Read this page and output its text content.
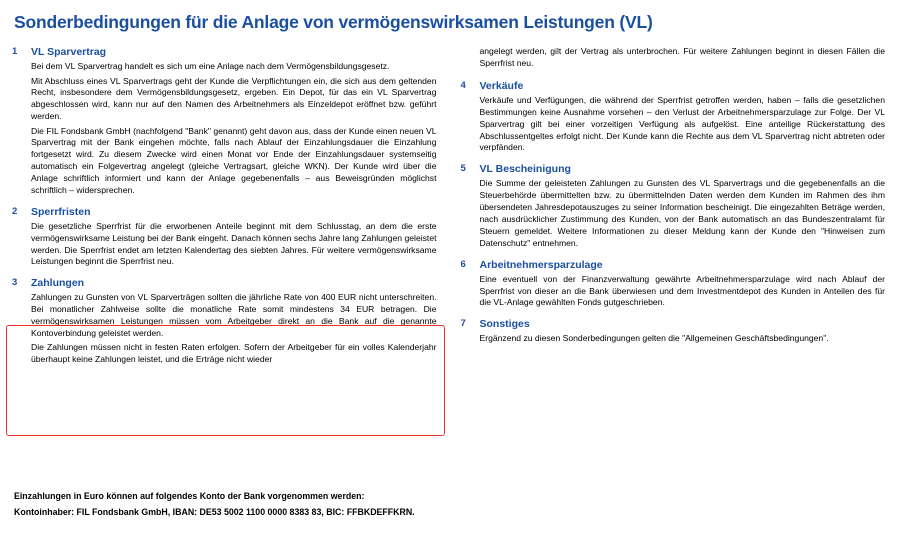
Sonderbedingungen für die Anlage von vermögenswirksamen Leistungen (VL)
1	VL Sparvertrag

Bei dem VL Sparvertrag handelt es sich um eine Anlage nach dem Vermögensbildungsgesetz.

Mit Abschluss eines VL Sparvertrags geht der Kunde die Verpflichtungen ein, die sich aus dem geltenden Recht, insbesondere dem Vermögensbildungsgesetz, ergeben. Ein Depot, für das ein VL Sparvertrag abgeschlossen wird, kann nur auf den Namen des Arbeitnehmers als Einzeldepot eröffnet bzw. geführt werden.

Die FIL Fondsbank GmbH (nachfolgend "Bank" genannt) geht davon aus, dass der Kunde einen neuen VL Sparvertrag mit der Bank eingehen möchte, falls nach Ablauf der Einzahlungsdauer die Einzahlung fortgesetzt wird. Zu diesem Zwecke wird einen Monat vor Ende der Einzahlungsdauer systemseitig automatisch ein Folgevertrag angelegt (gleiche Vertragsart, gleiche WKN). Der Kunde wird über die Anlage schriftlich informiert und kann der Anlage gegebenenfalls – aus Beweisgründen möglichst schriftlich – widersprechen.

2	Sperrfristen

Die gesetzliche Sperrfrist für die erworbenen Anteile beginnt mit dem Schlusstag, an dem die erste vermögenswirksame Leistung bei der Bank eingeht. Danach können sechs Jahre lang Zahlungen geleistet werden. Die Sperrfrist endet am letzten Kalendertag des siebten Jahres. Für weitere vermögenswirksame Leistungen beginnt die Sperrfrist neu.

3	Zahlungen

Zahlungen zu Gunsten von VL Sparverträgen sollten die jährliche Rate von 400 EUR nicht unterschreiten. Bei monatlicher Zahlweise sollte die monatliche Rate somit mindestens 34 EUR betragen. Die vermögenswirksamen Leistungen müssen vom Arbeitgeber direkt an die Bank auf die genannte Kontoverbindung geleistet werden.

Die Zahlungen müssen nicht in festen Raten erfolgen. Sofern der Arbeitgeber für ein volles Kalenderjahr überhaupt keine Zahlungen leistet, und die Erträge nicht wieder

angelegt werden, gilt der Vertrag als unterbrochen. Für weitere Zahlungen beginnt in diesen Fällen die Sperrfrist neu.

4	Verkäufe

Verkäufe und Verfügungen, die während der Sperrfrist getroffen werden, haben – falls die gesetzlichen Bestimmungen keine Ausnahme vorsehen – den Verlust der Arbeitnehmersparzulage zur Folge. Der VL Sparvertrag gilt bei einer vorzeitigen Verfügung als aufgelöst. Eine anteilige Rückerstattung des Abschlussentgeltes erfolgt nicht. Der Kunde kann die Rechte aus dem VL Sparvertrag nicht abtreten oder verpfänden.

5	VL Bescheinigung

Die Summe der geleisteten Zahlungen zu Gunsten des VL Sparvertrags und die gegebenenfalls an die Steuerbehörde übermittelten bzw. zu übermittelnden Daten werden dem Kunden im Rahmen des ihm übersendeten Jahresdepotauszuges zu seiner Information bescheinigt. Die eingezahlten Beträge werden, nach ausdrücklicher Zustimmung des Kunden, von der Bank automatisch an das Bundeszentralamt für Steuern gemeldet. Weitere Informationen zu dieser Meldung kann der Kunde den "Hinweisen zum Datenschutz" entnehmen.

6	Arbeitnehmersparzulage

Eine eventuell von der Finanzverwaltung gewährte Arbeitnehmersparzulage wird nach Ablauf der Sperrfrist von dieser an die Bank überwiesen und dem Investmentdepot des Kunden in Anteilen des für die VL-Anlage gewählten Fonds gutgeschrieben.

7	Sonstiges

Ergänzend zu diesen Sonderbedingungen gelten die "Allgemeinen Geschäftsbedingungen".

Einzahlungen in Euro können auf folgendes Konto der Bank vorgenommen werden:
Kontoinhaber: FIL Fondsbank GmbH, IBAN: DE53 5002 1100 0000 8383 83, BIC: FFBKDEFFKRN.
